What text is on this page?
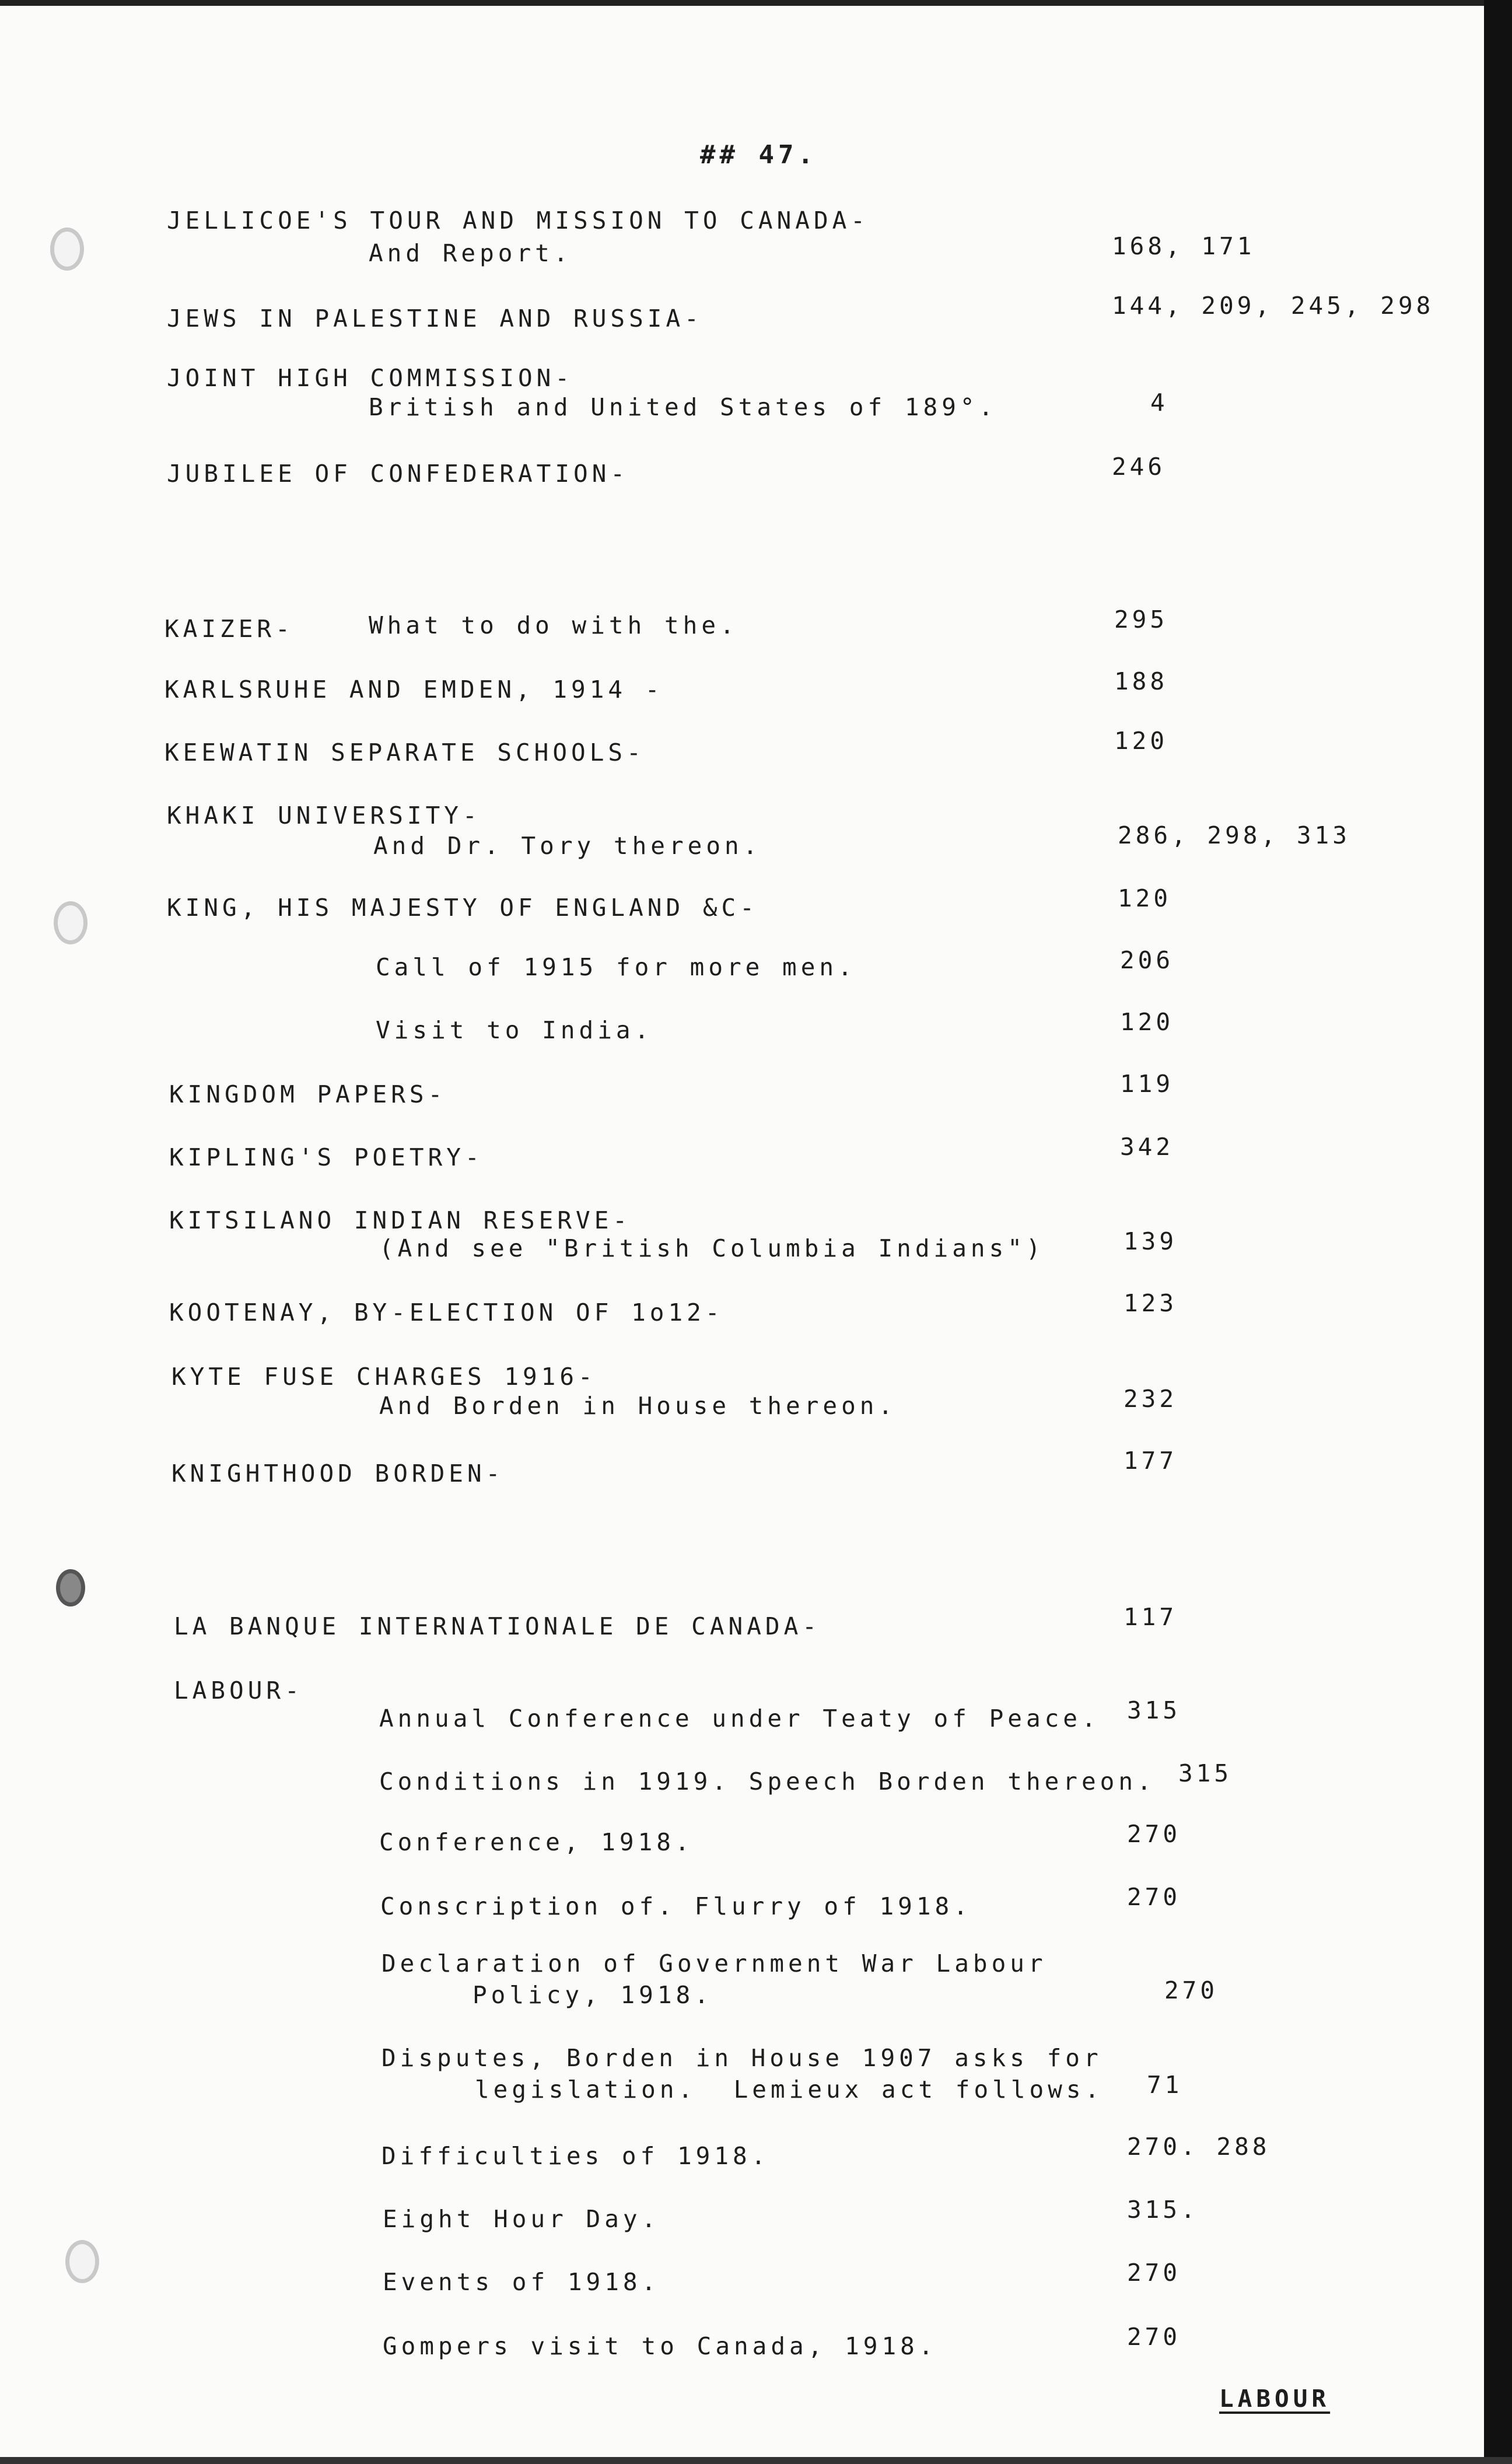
## 47.
JELLICOE'S TOUR AND MISSION TO CANADA-
And Report.	168, 171
JEWS IN PALESTINE AND RUSSIA-	144, 209, 245, 298
JOINT HIGH COMMISSION-
British and United States of 189°.	4
JUBILEE OF CONFEDERATION-	246
KAIZER-	What to do with the.	295
KARLSRUHE AND EMDEN, 1914 -	188
KEEWATIN SEPARATE SCHOOLS-	120
KHAKI UNIVERSITY-
And Dr. Tory thereon.	286, 298, 313
KING, HIS MAJESTY OF ENGLAND &C-	120
Call of 1915 for more men.	206
Visit to India.	120
KINGDOM PAPERS-	119
KIPLING'S POETRY-	342
KITSILANO INDIAN RESERVE-
(And see "British Columbia Indians")	139
KOOTENAY, BY-ELECTION OF 1o12-	123
KYTE FUSE CHARGES 1916-
And Borden in House thereon.	232
KNIGHTHOOD BORDEN-	177
LA BANQUE INTERNATIONALE DE CANADA-	117
LABOUR-
Annual Conference under Teaty of Peace. 315
Conditions in 1919. Speech Borden thereon. 315
Conference, 1918.	270
Conscription of. Flurry of 1918.	270
Declaration of Government War Labour
Policy, 1918.	270
Disputes, Borden in House 1907 asks for
legislation.  Lemieux act follows. 71
Difficulties of 1918.	270. 288
Eight Hour Day.	315.
Events of 1918.	270
Gompers visit to Canada, 1918.	270
LABOUR
